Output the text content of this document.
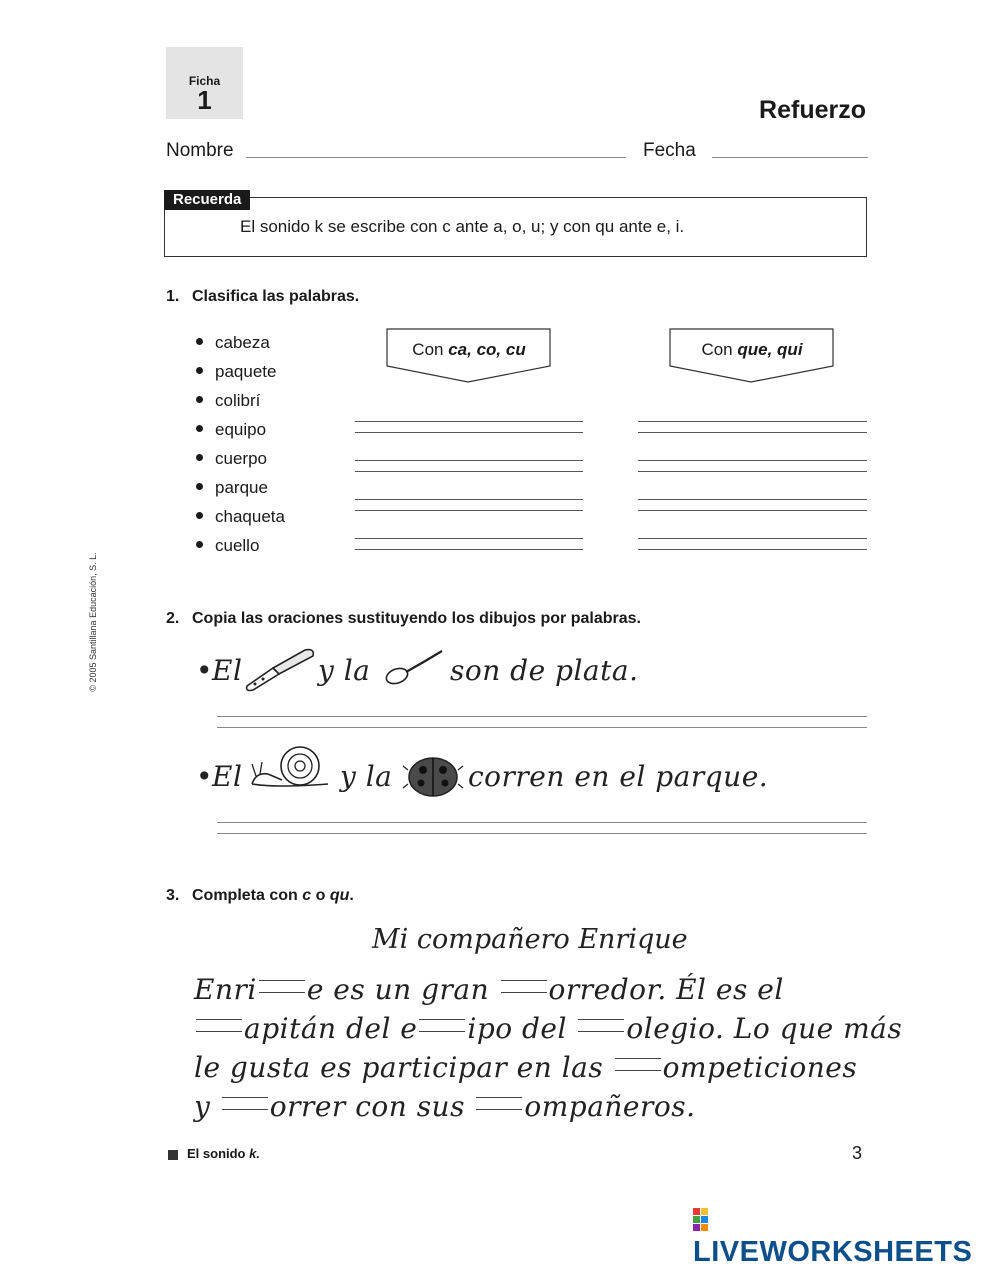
© 2005 Santillana Educación, S. L.
Ficha
1	Refuerzo
Nombre	Fecha
Recuerda
El sonido k se escribe con c ante a, o, u; y con qu ante e, i.
1. Clasifica las palabras.
cabeza
paquete
colibrí
equipo
cuerpo
parque
chaqueta
cuello
Con ca, co, cu	Con que, qui
2. Copia las oraciones sustituyendo los dibujos por palabras.
•
El	y la	son de plata.
•
El	y la	corren en el parque.
3. Completa con c o qu.
Mi compañero Enrique
Enri e es un gran orredor. Él es el
apitán del e ipo del olegio. Lo que más
le gusta es participar en las ompeticiones
y orrer con sus ompañeros.
El sonido k.	3
LIVEWORKSHEETS
